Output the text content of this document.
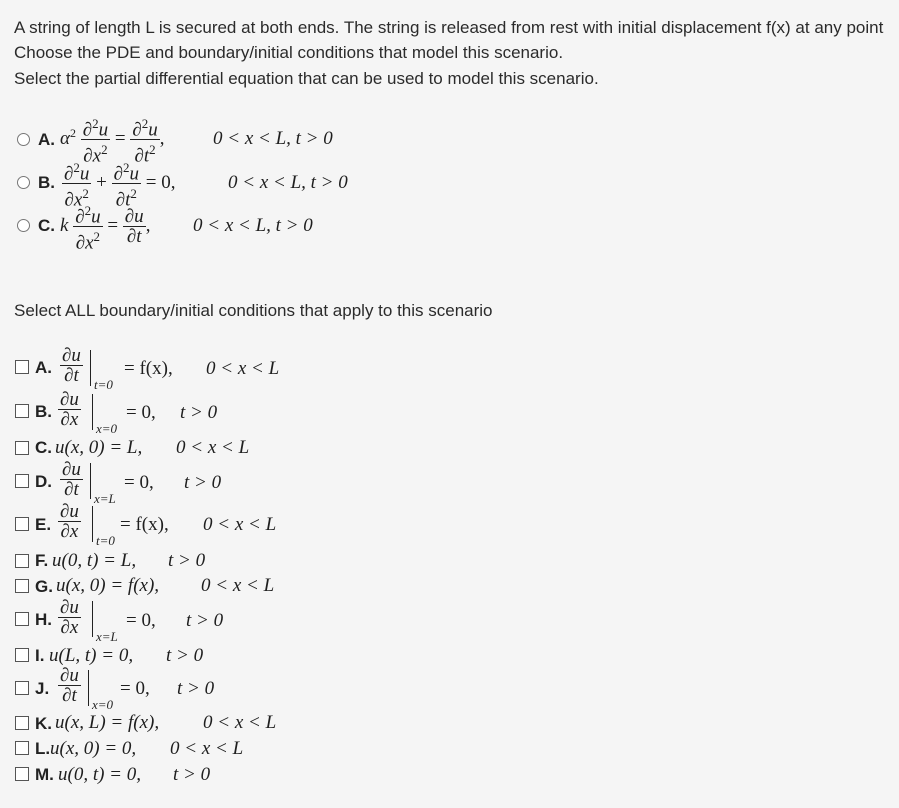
A string of length L is secured at both ends. The string is released from rest with initial displacement f(x) at any point
Choose the PDE and boundary/initial conditions that model this scenario.
Select the partial differential equation that can be used to model this scenario.
A. $\alpha^2 \frac{\partial^2u}{\partial x^2} = \frac{\partial^2u}{\partial t^2}$ ,	0 < x < L, t > 0
B. $\frac{\partial^2u}{\partial x^2} + \frac{\partial^2u}{\partial t^2} = 0$,	0 < x < L, t > 0
C. k $\frac{\partial^2u}{\partial x^2} = \frac{\partial u}{\partial t}$ , 0 < x < L, t > 0
Select ALL boundary/initial conditions that apply to this scenario
A. $\frac{\partial u}{\partial t} t=0$
= f(x), 0 < x < L
B. $\frac{\partial u}{\partial x} x=0$
= 0, t > 0
C. u(x, 0) = L, 0 < x < L
D. $\frac{\partial u}{\partial t} x=L$
= 0, t > 0
E. $\frac{\partial u}{\partial x} t=0$
= f(x), 0 < x < L
F. u(0, t) = L, t > 0
G. u(x, 0) = f(x), 0 < x < L
H. $\frac{\partial u}{\partial x} x=L$
= 0, t > 0
I. u(L, t) = 0, t > 0
J. $\frac{\partial u}{\partial t} x=0$
= 0, t > 0
K. u(x, L) = f(x), 0 < x < L
L. u(x, 0) = 0, 0 < x < L
M. u(0, t) = 0, t > 0
